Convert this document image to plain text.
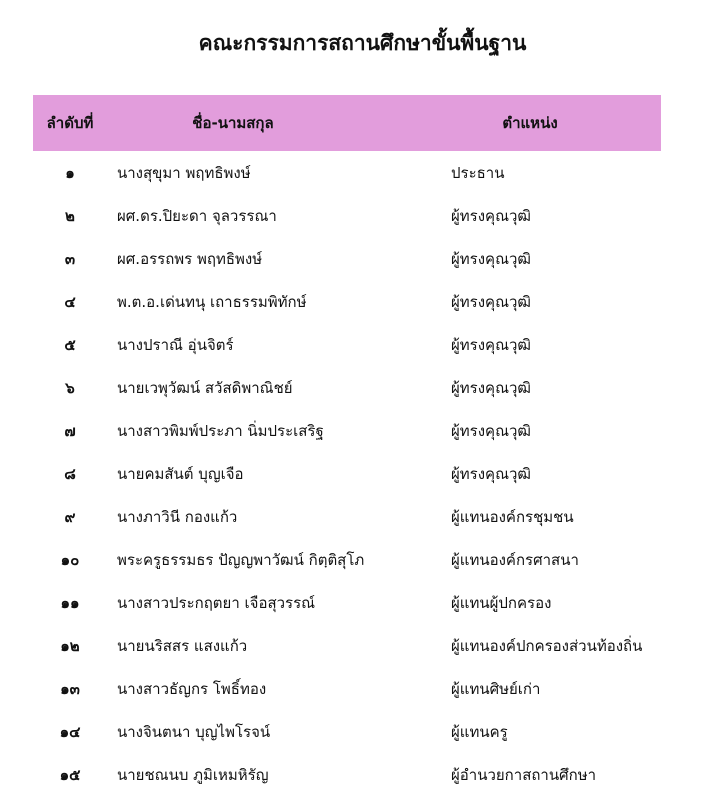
คณะกรรมการสถานศึกษาขั้นพื้นฐาน
ลำดับที่	ชื่อ-นามสกุล	ตำแหน่ง
๑	นางสุขุมา พฤทธิพงษ์	ประธาน
๒	ผศ.ดร.ปิยะดา จุลวรรณา	ผู้ทรงคุณวุฒิ
๓	ผศ.อรรถพร พฤทธิพงษ์	ผู้ทรงคุณวุฒิ
๔	พ.ต.อ.เด่นทนุ เถาธรรมพิทักษ์	ผู้ทรงคุณวุฒิ
๕	นางปราณี อุ่นจิตร์	ผู้ทรงคุณวุฒิ
๖	นายเวพุวัฒน์ สวัสดิพาณิชย์	ผู้ทรงคุณวุฒิ
๗	นางสาวพิมพ์ประภา นิ่มประเสริฐ	ผู้ทรงคุณวุฒิ
๘	นายคมสันต์ บุญเจือ	ผู้ทรงคุณวุฒิ
๙	นางภาวินี กองแก้ว	ผู้แทนองค์กรชุมชน
๑๐	พระครูธรรมธร ปัญญพาวัฒน์ กิตฺติสุโภ	ผู้แทนองค์กรศาสนา
๑๑	นางสาวประกฤตยา เจือสุวรรณ์	ผู้แทนผู้ปกครอง
๑๒	นายนริสสร แสงแก้ว	ผู้แทนองค์ปกครองส่วนท้องถิ่น
๑๓	นางสาวธัญกร โพธิ์ทอง	ผู้แทนศิษย์เก่า
๑๔	นางจินตนา บุญไพโรจน์	ผู้แทนครู
๑๕	นายชณนบ ภูมิเหมหิรัญ	ผู้อำนวยกาสถานศึกษา
